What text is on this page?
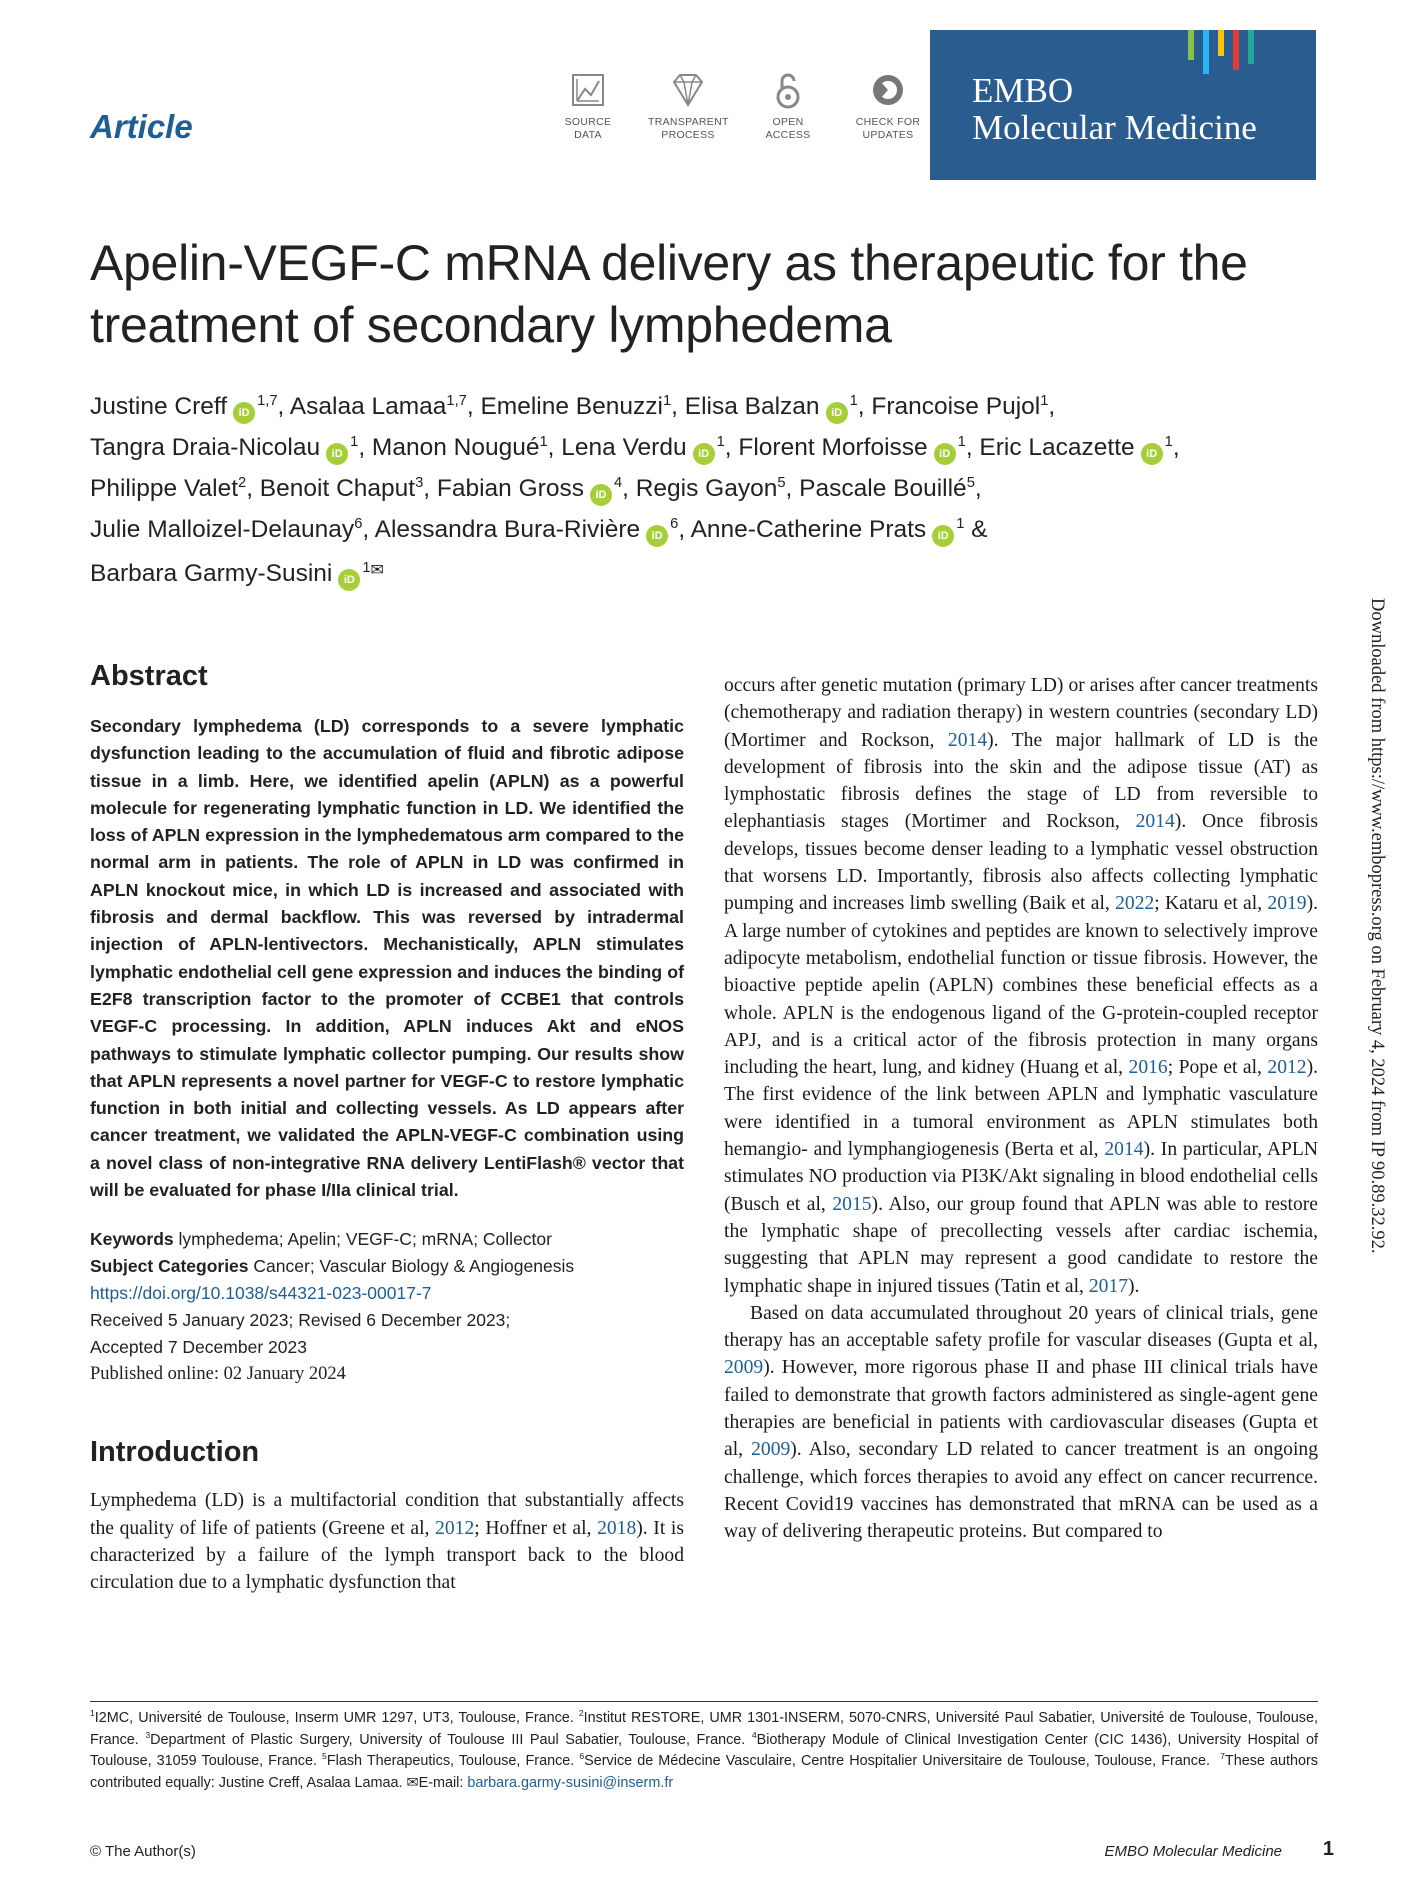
Article	SOURCE
DATA
TRANSPARENT
PROCESS
OPEN
ACCESS
CHECK FOR
UPDATES
EMBO
Molecular Medicine
Apelin-VEGF-C mRNA delivery as therapeutic for the
treatment of secondary lymphedema
Justine Creff iD$^{1,7}$, Asalaa Lamaa$^{1,7}$, Emeline Benuzzi$^1$, Elisa Balzan $iD^1$, Francoise Pujol$^1$,
Tangra Draia-Nicolau $iD^1$, Manon Nougué$^1$, Lena Verdu $iD^1$, Florent Morfoisse $iD^1$, Eric Lacazette $iD^1$,
Philippe Valet$^2$, Benoit Chaput$^3$, Fabian Gross $iD^4$, Regis Gayon$^5$, Pascale Bouillé$^5$,
Julie Malloizel-Delaunay$^6$, Alessandra Bura-Rivière $iD^6$, Anne-Catherine Prats $iD^1$ &
Barbara Garmy-Susini $iD^{1✉}$
Downloaded from https://www.embopress.org on February 4, 2024 from IP 90.89.32.92.
Abstract
Secondary lymphedema (LD) corresponds to a severe lymphatic dysfunction leading to the accumulation of fluid and fibrotic adipose tissue in a limb. Here, we identified apelin (APLN) as a powerful molecule for regenerating lymphatic function in LD. We identified the loss of APLN expression in the lymphedematous arm compared to the normal arm in patients. The role of APLN in LD was confirmed in APLN knockout mice, in which LD is increased and associated with fibrosis and dermal backflow. This was reversed by intradermal injection of APLN-lentivectors. Mechanistically, APLN stimulates lymphatic endothelial cell gene expression and induces the binding of E2F8 transcription factor to the promoter of CCBE1 that controls VEGF-C processing. In addition, APLN induces Akt and eNOS pathways to stimulate lymphatic collector pumping. Our results show that APLN represents a novel partner for VEGF-C to restore lymphatic function in both initial and collecting vessels. As LD appears after cancer treatment, we validated the APLN-VEGF-C combination using a novel class of non-integrative RNA delivery LentiFlash® vector that will be evaluated for phase I/IIa clinical trial.
Keywords lymphedema; Apelin; VEGF-C; mRNA; Collector
Subject Categories Cancer; Vascular Biology & Angiogenesis
https://doi.org/10.1038/s44321-023-00017-7
Received 5 January 2023; Revised 6 December 2023;
Accepted 7 December 2023
Published online: 02 January 2024
Introduction
Lymphedema (LD) is a multifactorial condition that substantially affects the quality of life of patients (Greene et al, 2012; Hoffner et al, 2018). It is characterized by a failure of the lymph transport back to the blood circulation due to a lymphatic dysfunction that

occurs after genetic mutation (primary LD) or arises after cancer treatments (chemotherapy and radiation therapy) in western countries (secondary LD) (Mortimer and Rockson, 2014). The major hallmark of LD is the development of fibrosis into the skin and the adipose tissue (AT) as lymphostatic fibrosis defines the stage of LD from reversible to elephantiasis stages (Mortimer and Rockson, 2014). Once fibrosis develops, tissues become denser leading to a lymphatic vessel obstruction that worsens LD. Importantly, fibrosis also affects collecting lymphatic pumping and increases limb swelling (Baik et al, 2022; Kataru et al, 2019). A large number of cytokines and peptides are known to selectively improve adipocyte metabolism, endothelial function or tissue fibrosis. However, the bioactive peptide apelin (APLN) combines these beneficial effects as a whole. APLN is the endogenous ligand of the G-protein-coupled receptor APJ, and is a critical actor of the fibrosis protection in many organs including the heart, lung, and kidney (Huang et al, 2016; Pope et al, 2012). The first evidence of the link between APLN and lymphatic vasculature were identified in a tumoral environment as APLN stimulates both hemangio- and lymphangiogenesis (Berta et al, 2014). In particular, APLN stimulates NO production via PI3K/Akt signaling in blood endothelial cells (Busch et al, 2015). Also, our group found that APLN was able to restore the lymphatic shape of precollecting vessels after cardiac ischemia, suggesting that APLN may represent a good candidate to restore the lymphatic shape in injured tissues (Tatin et al, 2017).

Based on data accumulated throughout 20 years of clinical trials, gene therapy has an acceptable safety profile for vascular diseases (Gupta et al, 2009). However, more rigorous phase II and phase III clinical trials have failed to demonstrate that growth factors administered as single-agent gene therapies are beneficial in patients with cardiovascular diseases (Gupta et al, 2009). Also, secondary LD related to cancer treatment is an ongoing challenge, which forces therapies to avoid any effect on cancer recurrence. Recent Covid19 vaccines has demonstrated that mRNA can be used as a way of delivering therapeutic proteins. But compared to

$^1$I2MC, Université de Toulouse, Inserm UMR 1297, UT3, Toulouse, France. $^2$Institut RESTORE, UMR 1301-INSERM, 5070-CNRS, Université Paul Sabatier, Université de Toulouse, Toulouse, France. $^3$Department of Plastic Surgery, University of Toulouse III Paul Sabatier, Toulouse, France. $^4$Biotherapy Module of Clinical Investigation Center (CIC 1436), University Hospital of Toulouse, 31059 Toulouse, France. $^5$Flash Therapeutics, Toulouse, France. $^6$Service de Médecine Vasculaire, Centre Hospitalier Universitaire de Toulouse, Toulouse, France.  $^7$These authors contributed equally: Justine Creff, Asalaa Lamaa. ✉E-mail: barbara.garmy-susini@inserm.fr
© The Author(s)	EMBO Molecular Medicine 1
